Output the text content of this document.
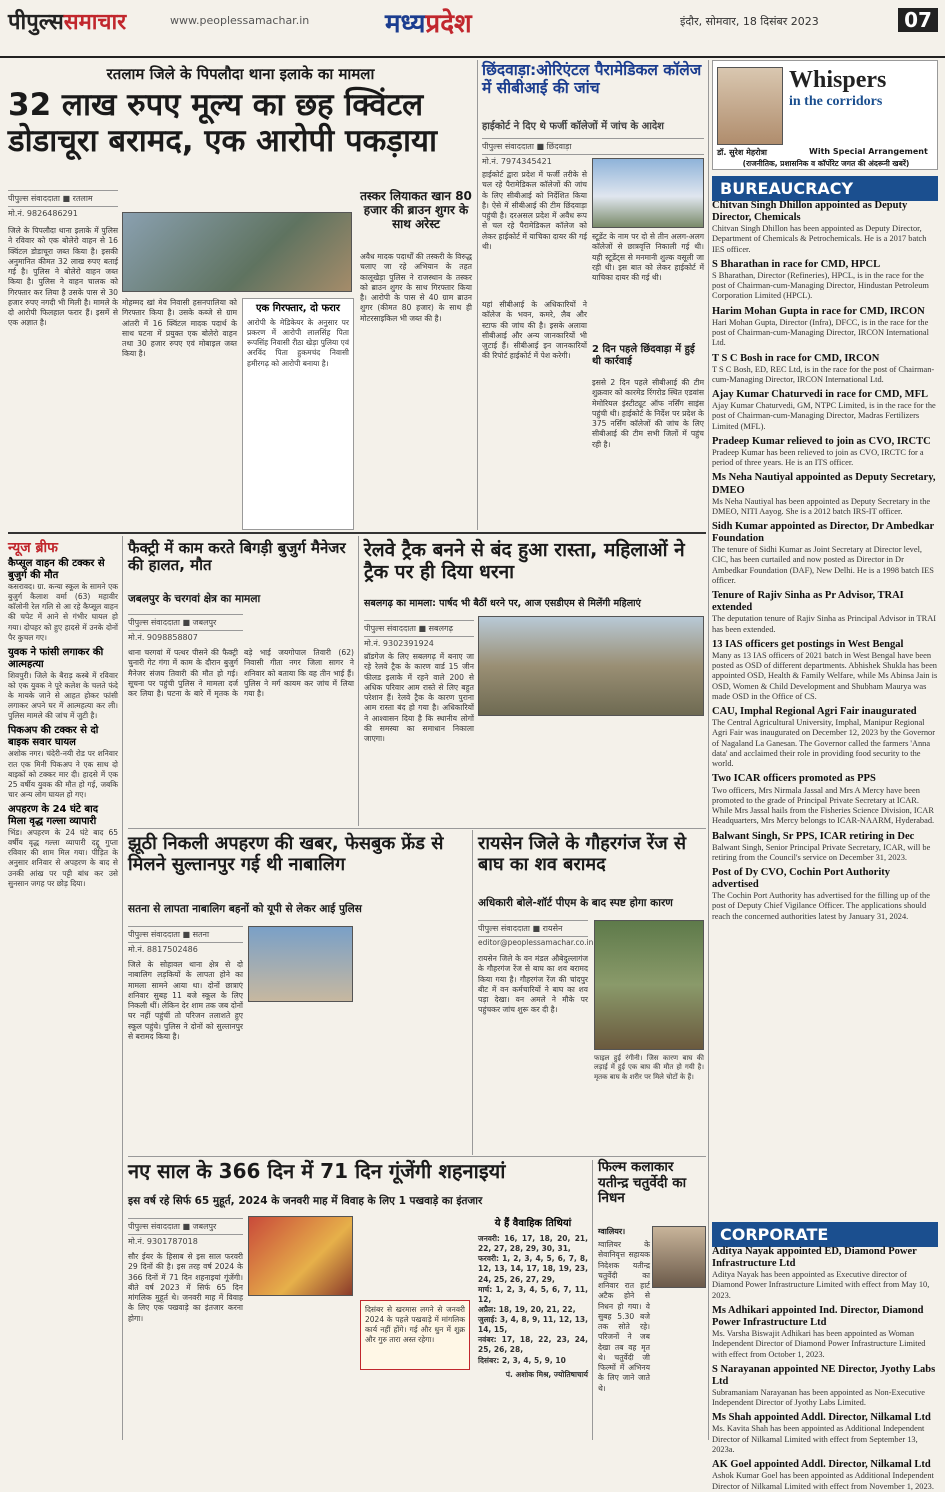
पीपुल्ससमाचार	www.peoplessamachar.in	मध्यप्रदेश	इंदौर, सोमवार, 18 दिसंबर 2023	07
रतलाम जिले के पिपलौदा थाना इलाके का मामला
32 लाख रुपए मूल्य का छह क्विंटल डोडाचूरा बरामद, एक आरोपी पकड़ाया
पीपुल्स संवाददाता ■ रतलाम
मो.नं. 9826486291
तस्कर लियाकत खान 80 हजार की ब्राउन शुगर के साथ अरेस्ट
जिले के पिपलौदा थाना इलाके में पुलिस ने रविवार को एक बोलेरो वाहन से 16 क्विंटल डोडाचूरा जब्त किया है। इसकी अनुमानित कीमत 32 लाख रुपए बताई गई है। पुलिस ने बोलेरो वाहन जब्त किया है। पुलिस ने वाहन चालक को गिरफ्तार कर लिया है उसके पास से 30 हजार रुपए नगदी भी मिली है। मामले के दो आरोपी फिलहाल फरार हैं। इसमें से एक अज्ञात है।
अवैध मादक पदार्थों की तस्करी के विरुद्ध चलाए जा रहे अभियान के तहत कालूखेड़ा पुलिस ने राजस्थान के तस्कर को ब्राउन शुगर के साथ गिरफ्तार किया है। आरोपी के पास से 40 ग्राम ब्राउन शुगर (कीमत 80 हजार) के साथ ही मोटरसाइकिल भी जब्त की है।
मोहम्मद खां मेव निवासी हसनपालिया को गिरफ्तार किया है। उसके कब्जे से ग्राम आंतरी में 16 क्विंटल मादक पदार्थ के साथ घटना में प्रयुक्त एक बोलेरो वाहन तथा 30 हजार रुपए एवं मोबाइल जब्त किया है।
एक गिरफ्तार, दो फरार
आरोपी के मेडिकेयर के अनुसार पर प्रकरण में आरोपी लालसिंह पिता रूपसिंह निवासी रीठा खेड़ा पुलिया एवं अरविंद पिता हुकमचंद निवासी हमीरगढ़ को आरोपी बनाया है।
छिंदवाड़ा:ओरिएंटल पैरामेडिकल कॉलेज में सीबीआई की जांच
हाईकोर्ट ने दिए थे फर्जी कॉलेजों में जांच के आदेश
पीपुल्स संवाददाता ■ छिंदवाड़ा
मो.नं. 7974345421
हाईकोर्ट द्वारा प्रदेश में फर्जी तरीके से चल रहे पैरामेडिकल कॉलेजों की जांच के लिए सीबीआई को निर्देशित किया है। ऐसे में सीबीआई की टीम छिंदवाड़ा पहुंची है। दरअसल प्रदेश में अवैध रूप से चल रहे पैरामेडिकल कॉलेज को लेकर हाईकोर्ट में याचिका दायर की गई थी।
यहां सीबीआई के अधिकारियों ने कॉलेज के भवन, कमरे, लैब और स्टाफ की जांच की है। इसके अलावा सीबीआई और अन्य जानकारियों भी जुटाई हैं। सीबीआई इन जानकारियों की रिपोर्ट हाईकोर्ट में पेश करेगी।
स्टूडेंट के नाम पर दो से तीन अलग-अलग कॉलेजों से छात्रवृत्ति निकाली गई थी। यही स्टूडेंट्स से मनमानी शुल्क वसूली जा रही थी। इस बात को लेकर हाईकोर्ट में याचिका दायर की गई थी।
2 दिन पहले छिंदवाड़ा में हुई थी कार्रवाई
इससे 2 दिन पहले सीबीआई की टीम शुक्रवार को कारमेड रिंगरोड स्थित एडवांस मेमोरियल इंस्टीट्यूट ऑफ नर्सिंग साइंस पहुंची थी। हाईकोर्ट के निर्देश पर प्रदेश के 375 नर्सिंग कॉलेजों की जांच के लिए सीबीआई की टीम सभी जिलों में पहुंच रही है।
Whispers
in the corridors
डॉ. सुरेश मेहरोत्रा	With Special Arrangement
(राजनीतिक, प्रशासनिक व कॉर्पोरेट जगत की अंदरूनी खबरें)
BUREAUCRACY
Chitvan Singh Dhillon appointed as Deputy Director, Chemicals
Chitvan Singh Dhillon has been appointed as Deputy Director, Department of Chemicals & Petrochemicals. He is a 2017 batch IES officer.
S Bharathan in race for CMD, HPCL
S Bharathan, Director (Refineries), HPCL, is in the race for the post of Chairman-cum-Managing Director, Hindustan Petroleum Corporation Limited (HPCL).
Harim Mohan Gupta in race for CMD, IRCON
Hari Mohan Gupta, Director (Infra), DFCC, is in the race for the post of Chairman-cum-Managing Director, IRCON International Ltd.
T S C Bosh in race for CMD, IRCON
T S C Bosh, ED, REC Ltd, is in the race for the post of Chairman-cum-Managing Director, IRCON International Ltd.
Ajay Kumar Chaturvedi in race for CMD, MFL
Ajay Kumar Chaturvedi, GM, NTPC Limited, is in the race for the post of Chairman-cum-Managing Director, Madras Fertilizers Limited (MFL).
Pradeep Kumar relieved to join as CVO, IRCTC
Pradeep Kumar has been relieved to join as CVO, IRCTC for a period of three years. He is an ITS officer.
Ms Neha Nautiyal appointed as Deputy Secretary, DMEO
Ms Neha Nautiyal has been appointed as Deputy Secretary in the DMEO, NITI Aayog. She is a 2012 batch IRS-IT officer.
Sidh Kumar appointed as Director, Dr Ambedkar Foundation
The tenure of Sidhi Kumar as Joint Secretary at Director level, CIC, has been curtailed and now posted as Director in Dr Ambedkar Foundation (DAF), New Delhi. He is a 1998 batch IES officer.
Tenure of Rajiv Sinha as Pr Advisor, TRAI extended
The deputation tenure of Rajiv Sinha as Principal Advisor in TRAI has been extended.
13 IAS officers get postings in West Bengal
Many as 13 IAS officers of 2021 batch in West Bengal have been posted as OSD of different departments. Abhishek Shukla has been appointed OSD, Health & Family Welfare, while Ms Abinsa Jain is OSD, Women & Child Development and Shubham Maurya was made OSD in the Office of CS.
CAU, Imphal Regional Agri Fair inaugurated
The Central Agricultural University, Imphal, Manipur Regional Agri Fair was inaugurated on December 12, 2023 by the Governor of Nagaland La Ganesan. The Governor called the farmers 'Anna data' and acclaimed their role in providing food security to the world.
Two ICAR officers promoted as PPS
Two officers, Mrs Nirmala Jassal and Mrs A Mercy have been promoted to the grade of Principal Private Secretary at ICAR. While Mrs Jassal hails from the Fisheries Science Division, ICAR Headquarters, Mrs Mercy belongs to ICAR-NAARM, Hyderabad.
Balwant Singh, Sr PPS, ICAR retiring in Dec
Balwant Singh, Senior Principal Private Secretary, ICAR, will be retiring from the Council's service on December 31, 2023.
Post of Dy CVO, Cochin Port Authority advertised
The Cochin Port Authority has advertised for the filling up of the post of Deputy Chief Vigilance Officer. The applications should reach the concerned authorities latest by January 31, 2024.
CORPORATE
Aditya Nayak appointed ED, Diamond Power Infrastructure Ltd
Aditya Nayak has been appointed as Executive director of Diamond Power Infrastructure Limited with effect from May 10, 2023.
Ms Adhikari appointed Ind. Director, Diamond Power Infrastructure Ltd
Ms. Varsha Biswajit Adhikari has been appointed as Woman Independent Director of Diamond Power Infrastructure Limited with effect from October 1, 2023.
S Narayanan appointed NE Director, Jyothy Labs Ltd
Subramaniam Narayanan has been appointed as Non-Executive Independent Director of Jyothy Labs Limited.
Ms Shah appointed Addl. Director, Nilkamal Ltd
Ms. Kavita Shah has been appointed as Additional Independent Director of Nilkamal Limited with effect from September 13, 2023a.
AK Goel appointed Addl. Director, Nilkamal Ltd
Ashok Kumar Goel has been appointed as Additional Independent Director of Nilkamal Limited with effect from November 1, 2023.
न्यूज ब्रीफ
कैप्सूल वाहन की टक्कर से बुजुर्ग की मौत
कसरावद। ग्रा. कन्या स्कूल के सामने एक बुजुर्ग कैलाश वर्मा (63) महावीर कॉलोनी रेल गलि से आ रहे कैप्सूल वाहन की चपेट में आने से गंभीर घायल हो गया। दोपहर को हुए हादसे में उनके दोनों पैर कुचल गए।
युवक ने फांसी लगाकर की आत्महत्या
शिवपुरी। जिले के बैराड़ कस्बे में रविवार को एक युवक ने पूरे कलेश के चलते फंदे के मायके जाने से आहत होकर फांसी लगाकर अपने घर में आत्महत्या कर ली। पुलिस मामले की जांच में जुटी है।
पिकअप की टक्कर से दो बाइक सवार घायल
अशोक नगर। चंदेरी-नयी रोड पर शनिवार रात एक मिनी पिकअप ने एक साथ दो बाइकों को टक्कर मार दी। हादसे में एक 25 वर्षीय युवक की मौत हो गई, जबकि चार अन्य लोग घायल हो गए।
अपहरण के 24 घंटे बाद मिला वृद्ध गल्ला व्यापारी
भिंड। अपहरण के 24 घंटे बाद 65 वर्षीय वृद्ध गल्ला व्यापारी दद्दू गुप्ता रविवार की शाम मिल गया। पीड़ित के अनुसार शनिवार से अपहरण के बाद से उनकी आंख पर पट्टी बांध कर उसे सुनसान जगह पर छोड़ दिया।
फैक्ट्री में काम करते बिगड़ी बुजुर्ग मैनेजर की हालत, मौत
जबलपुर के चरगवां क्षेत्र का मामला
पीपुल्स संवाददाता ■ जबलपुर
मो.नं. 9098858807
थाना चरगवां में पत्थर पीसने की फैक्ट्री चुनारी गेट गंगा में काम के दौरान बुजुर्ग मैनेजर संजय तिवारी की मौत हो गई। सूचना पर पहुंची पुलिस ने मामला दर्ज कर लिया है। घटना के बारे में मृतक के बड़े भाई जयगोपाल तिवारी (62) निवासी गीता नगर जिला सागर ने शनिवार को बताया कि वह तीन भाई हैं। पुलिस ने मर्ग कायम कर जांच में लिया गया है।
रेलवे ट्रैक बनने से बंद हुआ रास्ता, महिलाओं ने ट्रैक पर ही दिया धरना
सबलगढ़ का मामला: पार्षद भी बैठीं धरने पर, आज एसडीएम से मिलेंगी महिलाएं
पीपुल्स संवाददाता ■ सबलगढ़
मो.नं. 9302391924
ब्रॉडगेज के लिए सबलगढ़ में बनाए जा रहे रेलवे ट्रैक के कारण वार्ड 15 जीन फीलड इलाके में रहने वाले 200 से अधिक परिवार आम रास्ते से लिए बहुत परेशान हैं। रेलवे ट्रैक के कारण पुराना आम रास्ता बंद हो गया है। अधिकारियों ने आश्वासन दिया है कि स्थानीय लोगों की समस्या का समाधान निकाला जाएगा।
झूठी निकली अपहरण की खबर, फेसबुक फ्रेंड से मिलने सुल्तानपुर गई थी नाबालिग
सतना से लापता नाबालिग बहनों को यूपी से लेकर आई पुलिस
पीपुल्स संवाददाता ■ सतना
मो.नं. 8817502486
जिले के सोहावल थाना क्षेत्र से दो नाबालिग लड़कियों के लापता होने का मामला सामने आया था। दोनों छात्राएं शनिवार सुबह 11 बजे स्कूल के लिए निकली थीं। लेकिन देर शाम तक जब दोनों घर नहीं पहुंचीं तो परिजन तलाशते हुए स्कूल पहुंचे। पुलिस ने दोनों को सुल्तानपुर से बरामद किया है।
रायसेन जिले के गौहरगंज रेंज से बाघ का शव बरामद
अधिकारी बोले-शॉर्ट पीएम के बाद स्पष्ट होगा कारण
पीपुल्स संवाददाता ■ रायसेन
editor@peoplessamachar.co.in
रायसेन जिले के वन मंडल औबेदुल्लागंज के गौहरगंज रेंज से बाघ का शव बरामद किया गया है। गौहरगंज रेंज की चांदपुर बीट में वन कर्मचारियों ने बाघ का शव पड़ा देखा। वन अमले ने मौके पर पहुंचकर जांच शुरू कर दी है।
फाइल हुई रंगीनी। जिस कारण बाघ की लड़ाई में हुई एक बाघ की मौत हो गयी है। मृतक बाघ के शरीर पर मिले चोटों के हैं।
नए साल के 366 दिन में 71 दिन गूंजेंगी शहनाइयां
इस वर्ष रहे सिर्फ 65 मुहूर्त, 2024 के जनवरी माह में विवाह के लिए 1 पखवाड़े का इंतजार
पीपुल्स संवाददाता ■ जबलपुर
मो.नं. 9301787018
सौर ईयर के हिसाब से इस साल फरवरी 29 दिनों की है। इस तरह वर्ष 2024 के 366 दिनों में 71 दिन शहनाइयां गूंजेंगी। बीते वर्ष 2023 में सिर्फ 65 दिन मांगलिक मुहूर्त थे। जनवरी माह में विवाह के लिए एक पखवाड़े का इंतजार करना होगा।
दिसंबर से खरमास लगने से जनवरी 2024 के पहले पखवाड़े में मांगलिक कार्य नहीं होंगे। गई और धुन में शुक्र और गुरु तारा अस्त रहेगा।
ये हैं वैवाहिक तिथियां
जनवरी: 16, 17, 18, 20, 21, 22, 27, 28, 29, 30, 31,
फरवरी: 1, 2, 3, 4, 5, 6, 7, 8, 12, 13, 14, 17, 18, 19, 23, 24, 25, 26, 27, 29,
मार्च: 1, 2, 3, 4, 5, 6, 7, 11, 12,
अप्रैल: 18, 19, 20, 21, 22,
जुलाई: 3, 4, 8, 9, 11, 12, 13, 14, 15,
नवंबर: 17, 18, 22, 23, 24, 25, 26, 28,
दिसंबर: 2, 3, 4, 5, 9, 10
पं. अशोक मिश्र, ज्योतिषाचार्य
फिल्म कलाकार यतीन्द्र चतुर्वेदी का निधन
ग्वालियर।
ग्वालियर के सेवानिवृत्त सहायक निदेशक यतीन्द्र चतुर्वेदी का शनिवार रात हार्ट अटैक होने से निधन हो गया। वे सुबह 5.30 बजे तक सोते रहे। परिजनों ने जब देखा तब वह मृत थे। चतुर्वेदी जी फिल्मों में अभिनय के लिए जाने जाते थे।
